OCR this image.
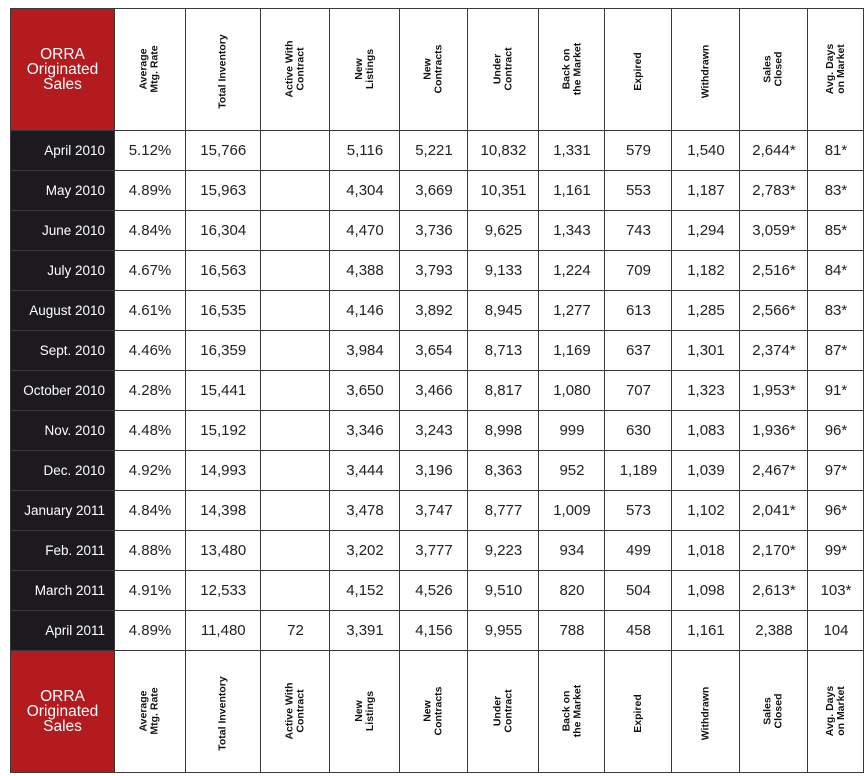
ORRA
Originated
Sales	Average Mtg. Rate	Total Inventory	Active With Contract	New Listings	New Contracts	Under Contract	Back on the Market	Expired	Withdrawn	Sales Closed	Avg. Days on Market

April 2010	5.12%	15,766		5,116	5,221	10,832	1,331	579	1,540	2,644*	81*
May 2010	4.89%	15,963		4,304	3,669	10,351	1,161	553	1,187	2,783*	83*
June 2010	4.84%	16,304		4,470	3,736	9,625	1,343	743	1,294	3,059*	85*
July 2010	4.67%	16,563		4,388	3,793	9,133	1,224	709	1,182	2,516*	84*
August 2010	4.61%	16,535		4,146	3,892	8,945	1,277	613	1,285	2,566*	83*
Sept. 2010	4.46%	16,359		3,984	3,654	8,713	1,169	637	1,301	2,374*	87*
October 2010	4.28%	15,441		3,650	3,466	8,817	1,080	707	1,323	1,953*	91*
Nov. 2010	4.48%	15,192		3,346	3,243	8,998	999	630	1,083	1,936*	96*
Dec. 2010	4.92%	14,993		3,444	3,196	8,363	952	1,189	1,039	2,467*	97*
January 2011	4.84%	14,398		3,478	3,747	8,777	1,009	573	1,102	2,041*	96*
Feb. 2011	4.88%	13,480		3,202	3,777	9,223	934	499	1,018	2,170*	99*
March 2011	4.91%	12,533		4,152	4,526	9,510	820	504	1,098	2,613*	103*
April 2011	4.89%	11,480	72	3,391	4,156	9,955	788	458	1,161	2,388	104

ORRA
Originated
Sales	Average Mtg. Rate	Total Inventory	Active With Contract	New Listings	New Contracts	Under Contract	Back on the Market	Expired	Withdrawn	Sales Closed	Avg. Days on Market
